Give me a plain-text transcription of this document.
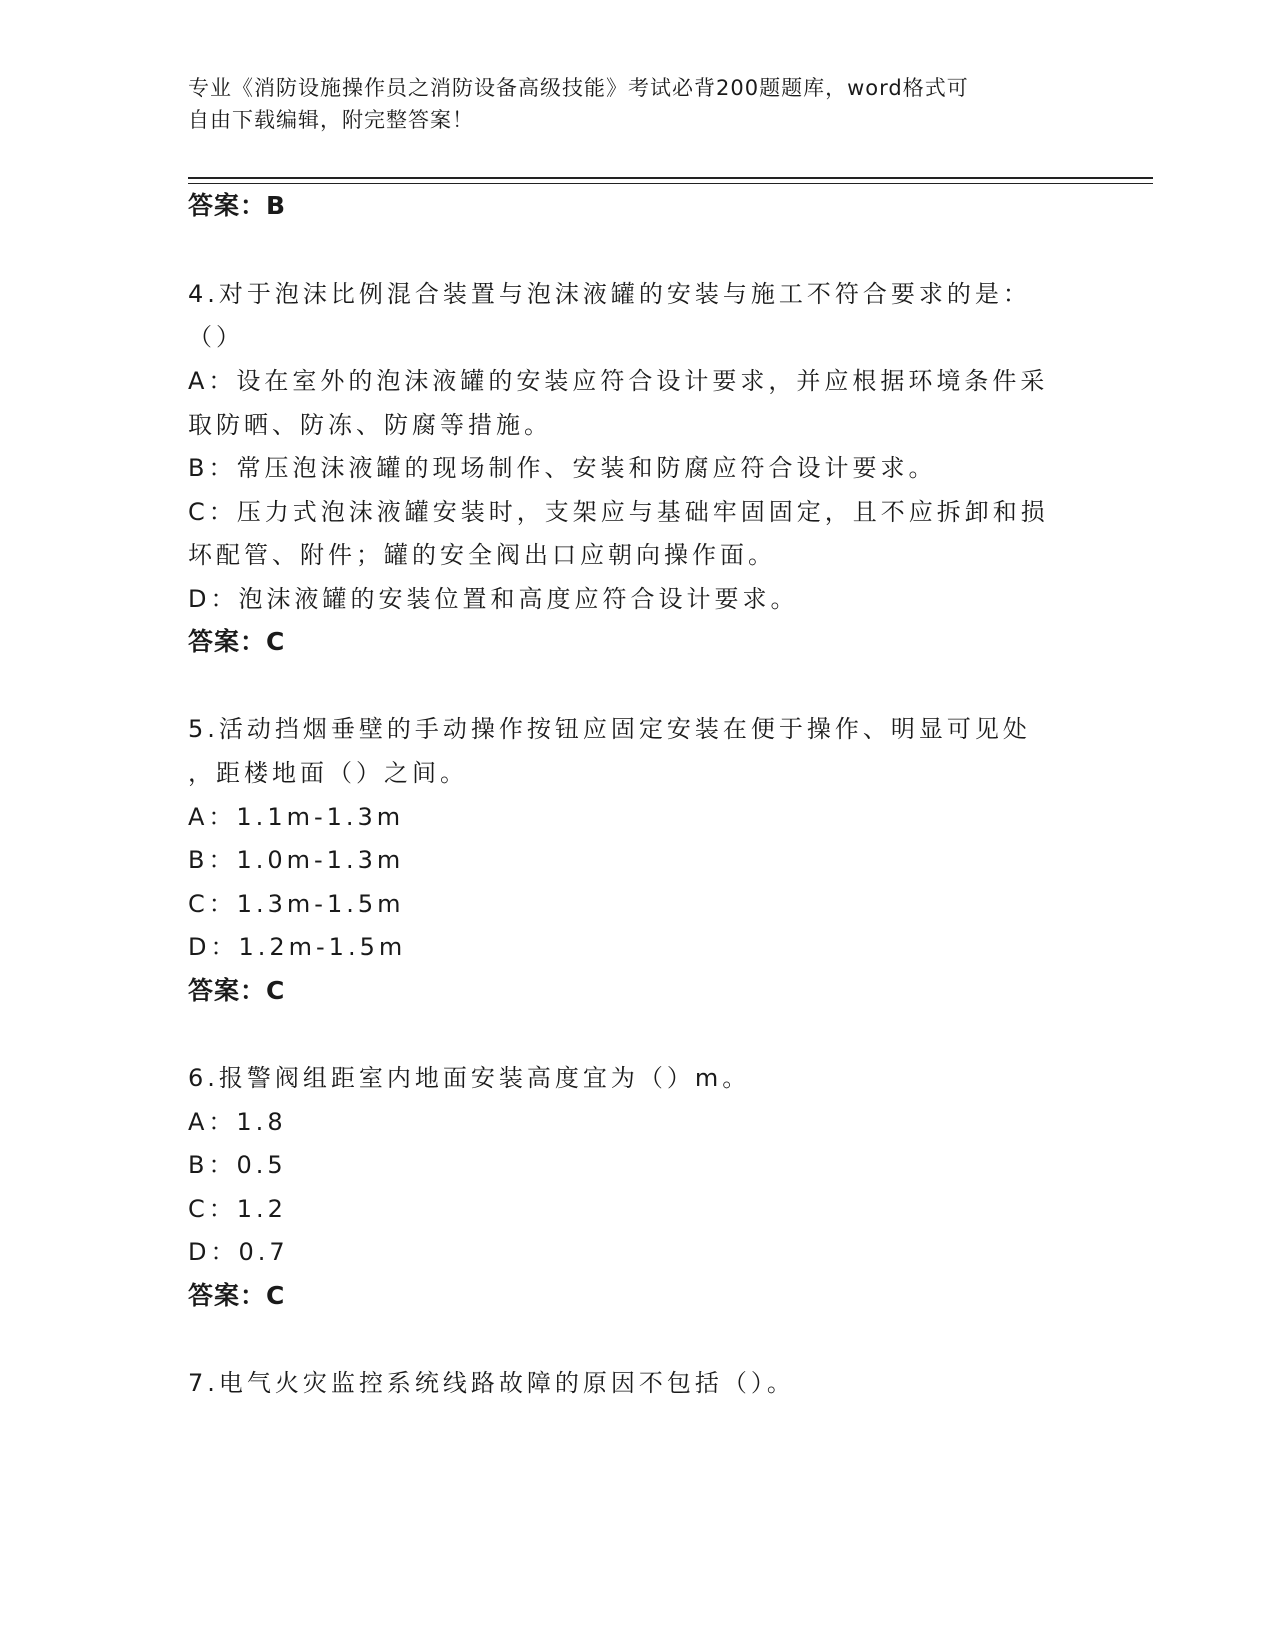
专业《消防设施操作员之消防设备高级技能》考试必背200题题库，word格式可
自由下载编辑，附完整答案！
答案：B
4.对于泡沫比例混合装置与泡沫液罐的安装与施工不符合要求的是：
（）
A：设在室外的泡沫液罐的安装应符合设计要求，并应根据环境条件采
取防晒、防冻、防腐等措施。
B：常压泡沫液罐的现场制作、安装和防腐应符合设计要求。
C：压力式泡沫液罐安装时，支架应与基础牢固固定，且不应拆卸和损
坏配管、附件；罐的安全阀出口应朝向操作面。
D：泡沫液罐的安装位置和高度应符合设计要求。
答案：C
5.活动挡烟垂壁的手动操作按钮应固定安装在便于操作、明显可见处
，距楼地面（）之间。
A：1.1m-1.3m
B：1.0m-1.3m
C：1.3m-1.5m
D：1.2m-1.5m
答案：C
6.报警阀组距室内地面安装高度宜为（）m。
A：1.8
B：0.5
C：1.2
D：0.7
答案：C
7.电气火灾监控系统线路故障的原因不包括（）。
